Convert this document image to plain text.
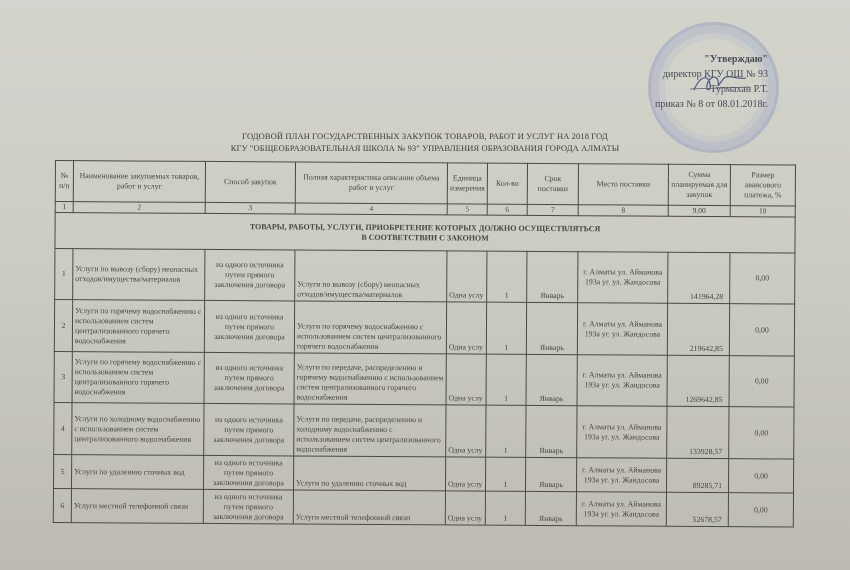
"Утверждаю"
директор КГУ ОШ № 93
Турмахан Р.Т.
приказ № 8 от 08.01.2018г.
ГОДОВОЙ ПЛАН ГОСУДАРСТВЕННЫХ ЗАКУПОК ТОВАРОВ, РАБОТ И УСЛУГ НА 2018 ГОД
КГУ "ОБЩЕОБРАЗОВАТЕЛЬНАЯ ШКОЛА № 93" УПРАВЛЕНИЯ ОБРАЗОВАНИЯ ГОРОДА АЛМАТЫ
№ п/п	Наименование закупаемых товаров, работ и услуг	Способ закупок	Полная характеристика описание объема работ и услуг	Единица измерения	Кол-во	Срок поставки	Место поставки	Сумма планируемая для закупок	Размер авансового платежа, %
1	2	3	4	5	6	7	8	9,00	10

ТОВАРЫ, РАБОТЫ, УСЛУГИ, ПРИОБРЕТЕНИЕ КОТОРЫХ ДОЛЖНО ОСУЩЕСТВЛЯТЬСЯ
В СООТВЕТСТВИИ С ЗАКОНОМ									

1	Услуги по вывозу (сбору) неопасных отходов/имущества/материалов	из одного источника путем прямого заключения договора	Услуги по вывозу (сбору) неопасных отходов/имущества/материалов	Одна услу	1	Январь	г. Алматы ул. Айманова 193а уг. ул. Жандосова	141964,28	0,00
2	Услуги по горячему водоснабжению с использованием систем централизованного горячего водоснабжения	из одного источника путем прямого заключения договора	Услуги по горячему водоснабжению с использованием систем централизованного горячего водоснабжения	Одна услу	1	Январь	г. Алматы ул. Айманова 193а уг. ул. Жандосова	219642,85	0,00
3	Услуги по горячему водоснабжению с использованием систем централизованного горячего водоснабжения	из одного источника путем прямого заключения договора	Услуги по передаче, распределению и горячему водоснабжению с использованием систем централизованного горячего водоснабжения	Одна услу	1	Январь	г. Алматы ул. Айманова 193а уг. ул. Жандосова	1269642,85	0,00
4	Услуги по холодному водоснабжению с использованием систем централизованного водоснабжения	из одного источника путем прямого заключения договора	Услуги по передаче, распределению и холодному водоснабжению с использованием систем централизованного водоснабжения	Одна услу	1	Январь	г. Алматы ул. Айманова 193а уг. ул. Жандосова	133928,57	0,00
5	Услуги по удалению сточных вод	из одного источника путем прямого заключения договора	Услуги по удалению сточных вод	Одна услу	1	Январь	г. Алматы ул. Айманова 193а уг. ул. Жандосова	89285,71	0,00
6	Услуги местной телефонной связи	из одного источника путем прямого заключения договора	Услуги местной телефонной связи	Одна услу	1	Январь	г. Алматы ул. Айманова 193а уг. ул. Жандосова	52678,57	0,00
